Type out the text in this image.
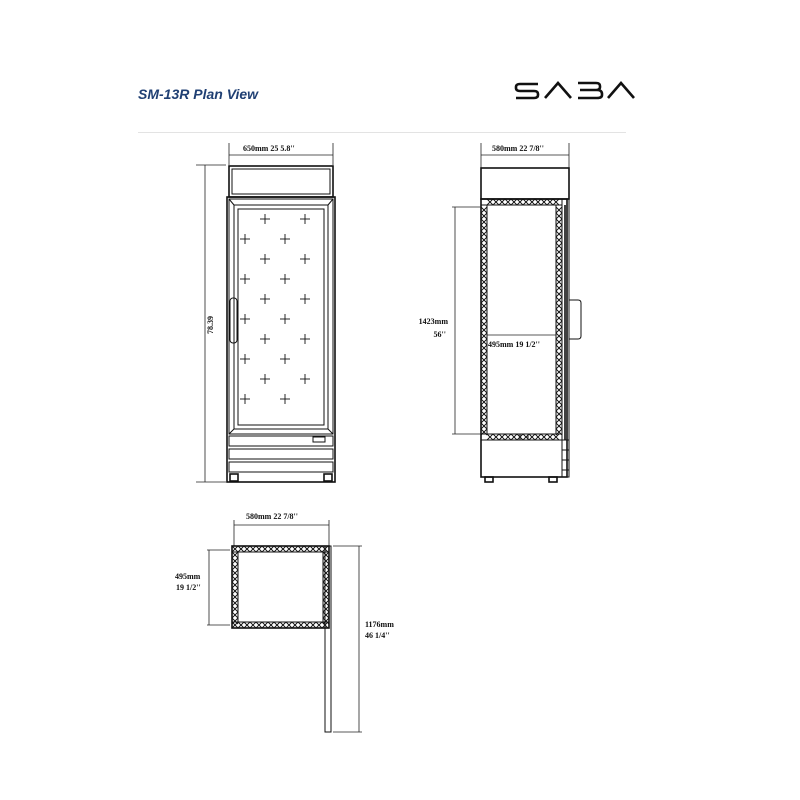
SM-13R Plan View
650mm 25 5.8''
78.39
580mm 22 7/8''
495mm 19 1/2''
1423mm
56''
580mm 22 7/8''
495mm
19 1/2''
1176mm
46 1/4''
